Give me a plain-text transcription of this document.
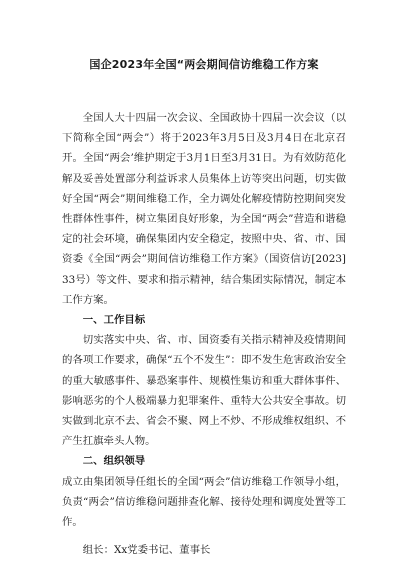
国企2023年全国“两会期间信访维稳工作方案

全国人大十四届一次会议、全国政协十四届一次会议（以下简称全国“两会”）将于2023年3月5日及3月4日在北京召开。全国“两会’维护期定于3月1日至3月31日。为有效防范化解及妥善处置部分利益诉求人员集体上访等突出问题，切实做好全国“两会”期间维稳工作，全力调处化解疫情防控期间突发性群体性事件，树立集团良好形象，为全国“两会”营造和谐稳定的社会环境，确保集团内安全稳定，按照中央、省、市、国资委《全国“两会”期间信访维稳工作方案》（国资信访[2023]33号）等文件、要求和指示精神，结合集团实际情况，制定本工作方案。

一、工作目标

切实落实中央、省、市、国资委有关指示精神及疫情期间的各项工作要求，确保“五个不发生”：即不发生危害政治安全的重大敏感事件、暴恐案事件、规模性集访和重大群体事件、影响恶劣的个人极端暴力犯罪案件、重特大公共安全事故。切实做到北京不去、省会不聚、网上不炒、不形成维权组织、不产生扛旗牵头人物。

二、组织领导

成立由集团领导任组长的全国“两会”信访维稳工作领导小组，负责“两会”信访维稳问题排查化解、接待处理和调度处置等工作。

组长：Xx党委书记、董事长
